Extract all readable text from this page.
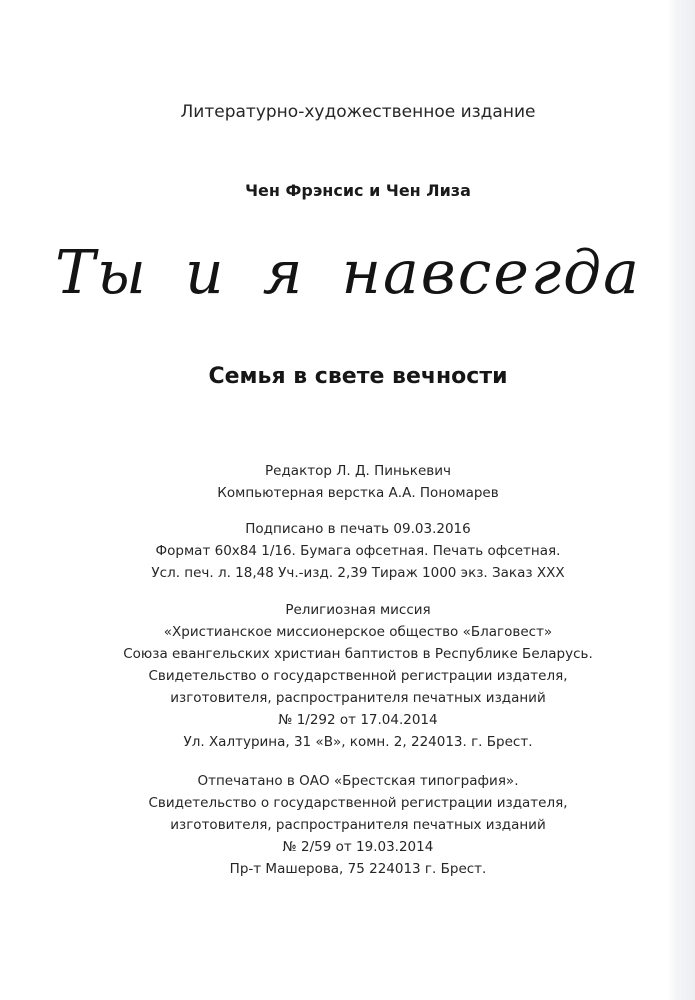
Литературно-художественное издание
Чен Фрэнсис и Чен Лиза
Ты и я навсегда
Семья в свете вечности
Редактор Л. Д. Пинькевич
Компьютерная верстка А.А. Пономарев
Подписано в печать 09.03.2016
Формат 60х84 1/16. Бумага офсетная. Печать офсетная.
Усл. печ. л. 18,48 Уч.-изд. 2,39 Тираж 1000 экз. Заказ ХХХ
Религиозная миссия
«Христианское миссионерское общество «Благовест»
Союза евангельских христиан баптистов в Республике Беларусь.
Свидетельство о государственной регистрации издателя,
изготовителя, распространителя печатных изданий
№ 1/292 от 17.04.2014
Ул. Халтурина, 31 «В», комн. 2, 224013. г. Брест.
Отпечатано в ОАО «Брестская типография».
Свидетельство о государственной регистрации издателя,
изготовителя, распространителя печатных изданий
№ 2/59 от 19.03.2014
Пр-т Машерова, 75 224013 г. Брест.
